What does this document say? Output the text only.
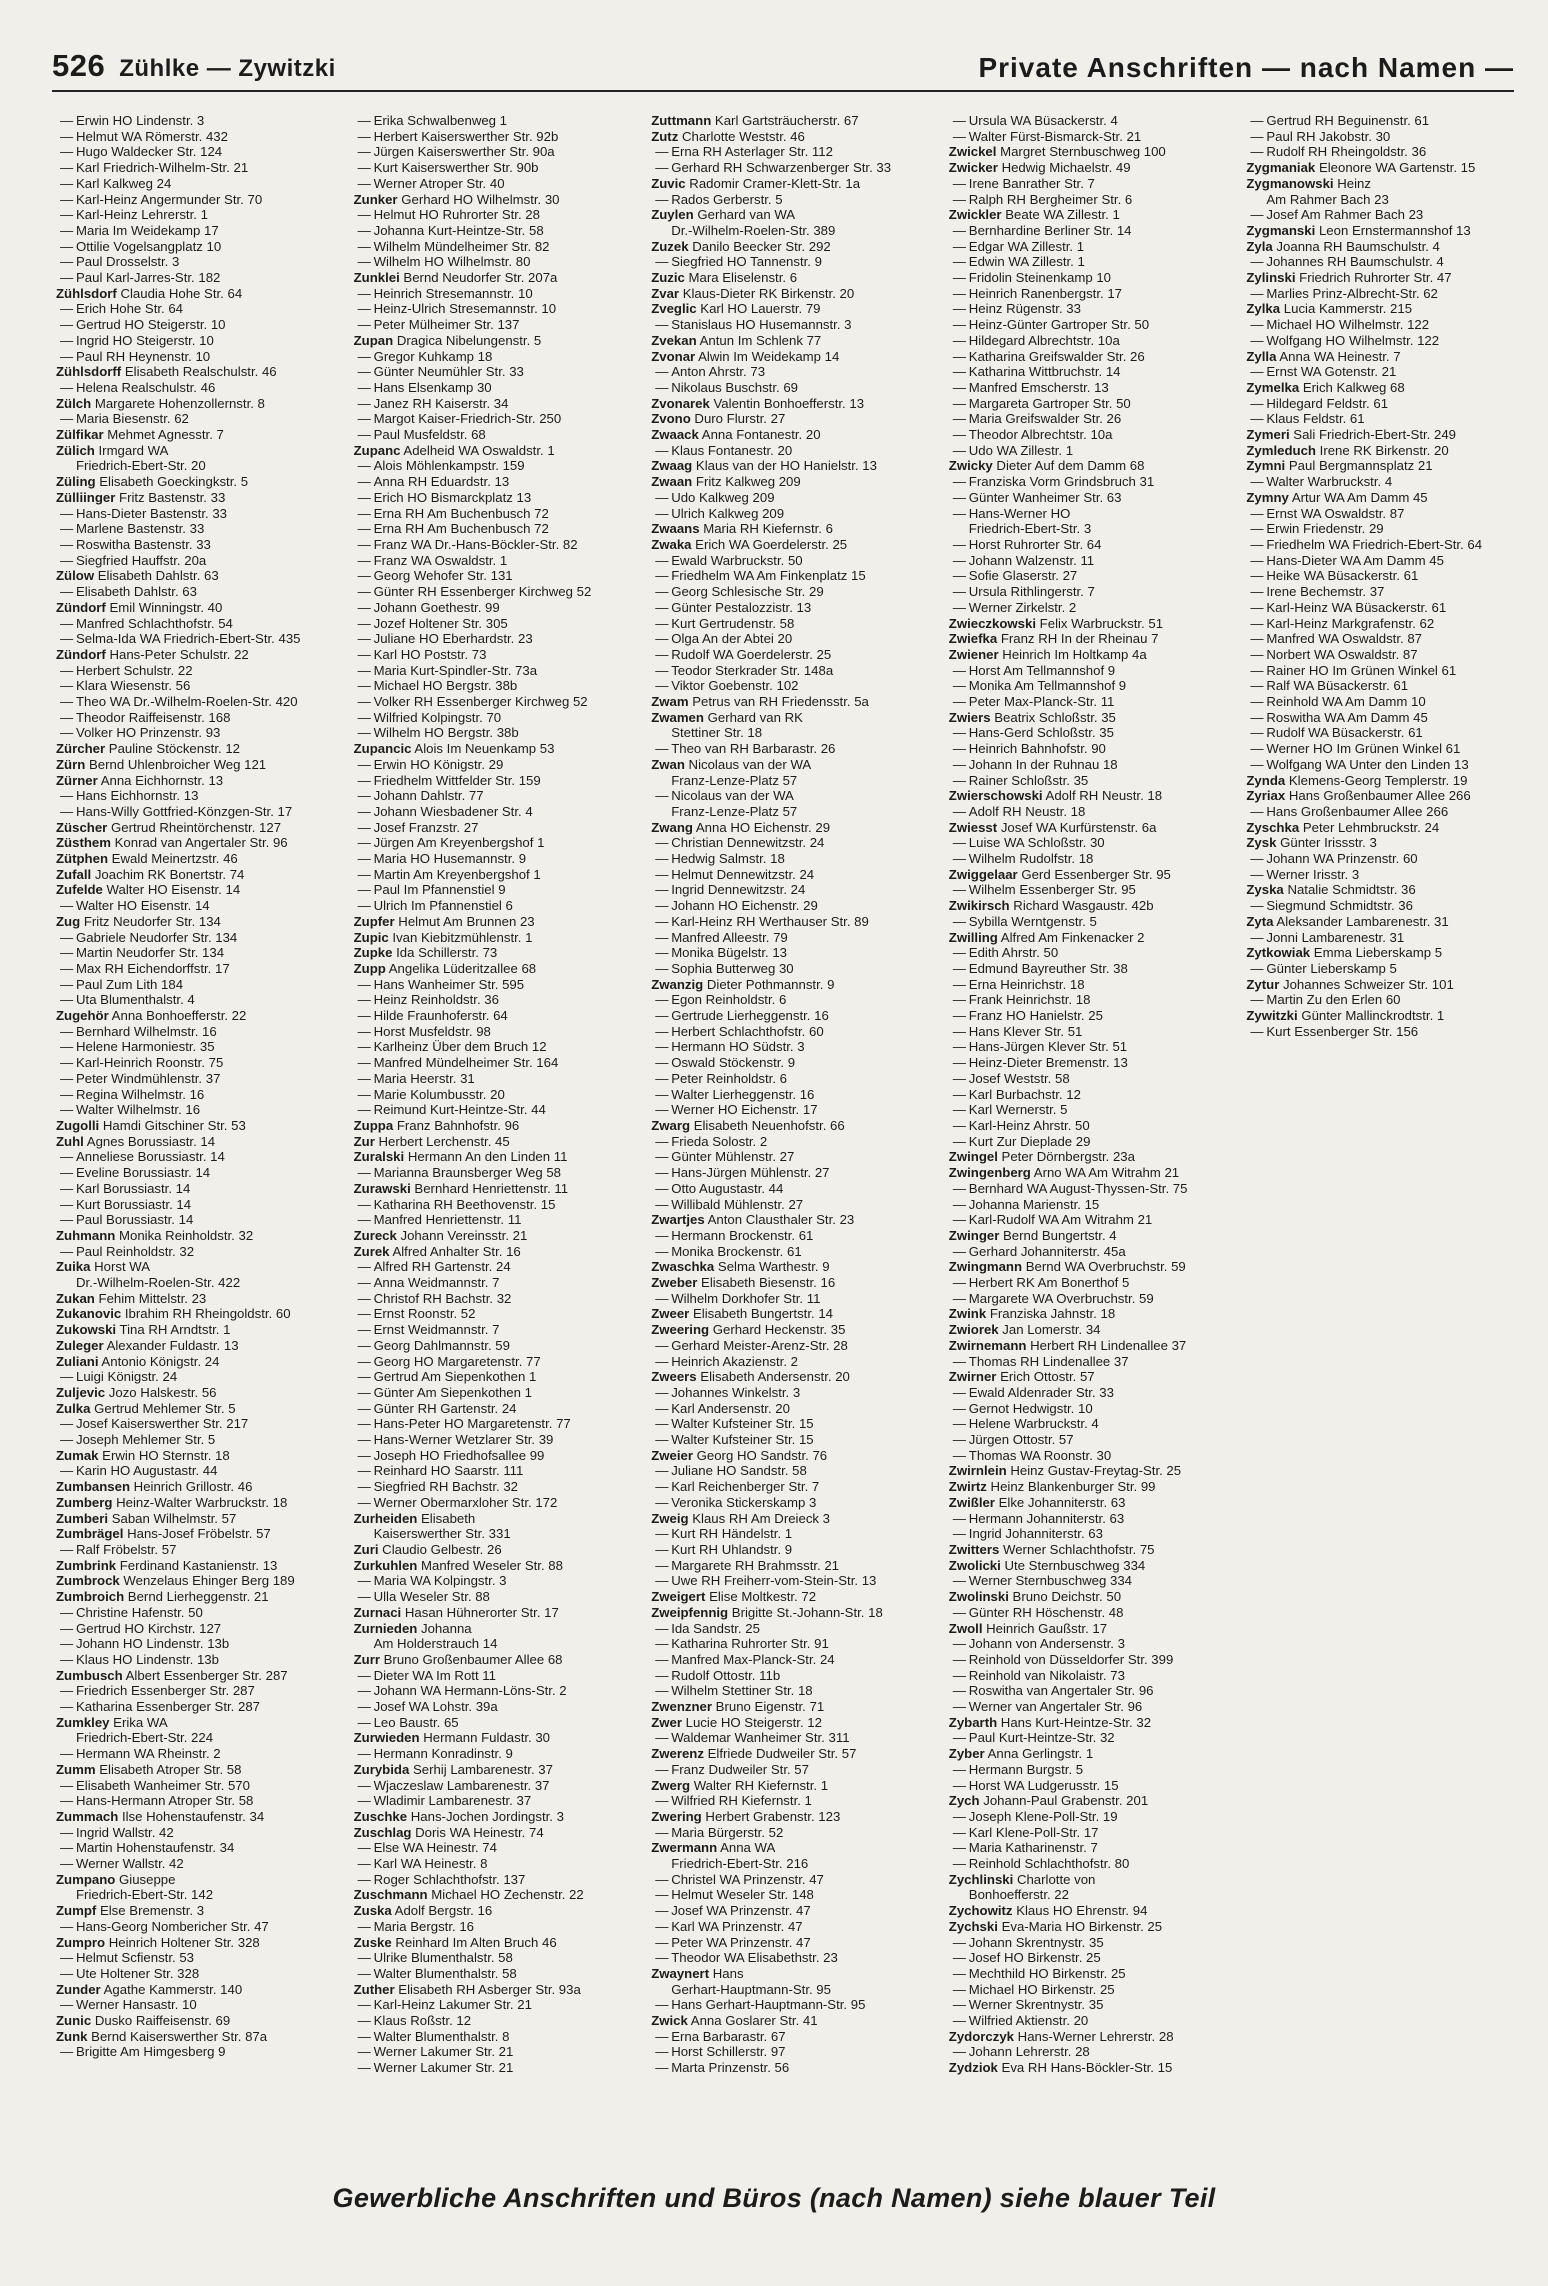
526 Zühlke — Zywitzki	Private Anschriften — nach Namen —
— Erwin HO Lindenstr. 3
— Helmut WA Römerstr. 432
— Hugo Waldecker Str. 124
— Karl Friedrich-Wilhelm-Str. 21
— Karl Kalkweg 24
— Karl-Heinz Angermunder Str. 70
— Karl-Heinz Lehrerstr. 1
— Maria Im Weidekamp 17
— Ottilie Vogelsangplatz 10
— Paul Drosselstr. 3
— Paul Karl-Jarres-Str. 182
Zühlsdorf Claudia Hohe Str. 64
— Erich Hohe Str. 64
— Gertrud HO Steigerstr. 10
— Ingrid HO Steigerstr. 10
— Paul RH Heynenstr. 10
Zühlsdorff Elisabeth Realschulstr. 46
— Helena Realschulstr. 46
Zülch Margarete Hohenzollernstr. 8
— Maria Biesenstr. 62
Zülfikar Mehmet Agnesstr. 7
Zülich Irmgard WA
Friedrich-Ebert-Str. 20
Züling Elisabeth Goeckingkstr. 5
Zülliinger Fritz Bastenstr. 33
— Hans-Dieter Bastenstr. 33
— Marlene Bastenstr. 33
— Roswitha Bastenstr. 33
— Siegfried Hauffstr. 20a
Zülow Elisabeth Dahlstr. 63
— Elisabeth Dahlstr. 63
Zündorf Emil Winningstr. 40
— Manfred Schlachthofstr. 54
— Selma-Ida WA Friedrich-Ebert-Str. 435
Zündorf Hans-Peter Schulstr. 22
— Herbert Schulstr. 22
— Klara Wiesenstr. 56
— Theo WA Dr.-Wilhelm-Roelen-Str. 420
— Theodor Raiffeisenstr. 168
— Volker HO Prinzenstr. 93
Zürcher Pauline Stöckenstr. 12
Zürn Bernd Uhlenbroicher Weg 121
Zürner Anna Eichhornstr. 13
— Hans Eichhornstr. 13
— Hans-Willy Gottfried-Könzgen-Str. 17
Züscher Gertrud Rheintörchenstr. 127
Züsthem Konrad van Angertaler Str. 96
Zütphen Ewald Meinertzstr. 46
Zufall Joachim RK Bonertstr. 74
Zufelde Walter HO Eisenstr. 14
— Walter HO Eisenstr. 14
Zug Fritz Neudorfer Str. 134
— Gabriele Neudorfer Str. 134
— Martin Neudorfer Str. 134
— Max RH Eichendorffstr. 17
— Paul Zum Lith 184
— Uta Blumenthalstr. 4
Zugehör Anna Bonhoefferstr. 22
— Bernhard Wilhelmstr. 16
— Helene Harmoniestr. 35
— Karl-Heinrich Roonstr. 75
— Peter Windmühlenstr. 37
— Regina Wilhelmstr. 16
— Walter Wilhelmstr. 16
Zugolli Hamdi Gitschiner Str. 53
Zuhl Agnes Borussiastr. 14
— Anneliese Borussiastr. 14
— Eveline Borussiastr. 14
— Karl Borussiastr. 14
— Kurt Borussiastr. 14
— Paul Borussiastr. 14
Zuhmann Monika Reinholdstr. 32
— Paul Reinholdstr. 32
Zuika Horst WA
Dr.-Wilhelm-Roelen-Str. 422
Zukan Fehim Mittelstr. 23
Zukanovic Ibrahim RH Rheingoldstr. 60
Zukowski Tina RH Arndtstr. 1
Zuleger Alexander Fuldastr. 13
Zuliani Antonio Königstr. 24
— Luigi Königstr. 24
Zuljevic Jozo Halskestr. 56
Zulka Gertrud Mehlemer Str. 5
— Josef Kaiserswerther Str. 217
— Joseph Mehlemer Str. 5
Zumak Erwin HO Sternstr. 18
— Karin HO Augustastr. 44
Zumbansen Heinrich Grillostr. 46
Zumberg Heinz-Walter Warbruckstr. 18
Zumberi Saban Wilhelmstr. 57
Zumbrägel Hans-Josef Fröbelstr. 57
— Ralf Fröbelstr. 57
Zumbrink Ferdinand Kastanienstr. 13
Zumbrock Wenzelaus Ehinger Berg 189
Zumbroich Bernd Lierheggenstr. 21
— Christine Hafenstr. 50
— Gertrud HO Kirchstr. 127
— Johann HO Lindenstr. 13b
— Klaus HO Lindenstr. 13b
Zumbusch Albert Essenberger Str. 287
— Friedrich Essenberger Str. 287
— Katharina Essenberger Str. 287
Zumkley Erika WA
Friedrich-Ebert-Str. 224
— Hermann WA Rheinstr. 2
Zumm Elisabeth Atroper Str. 58
— Elisabeth Wanheimer Str. 570
— Hans-Hermann Atroper Str. 58
Zummach Ilse Hohenstaufenstr. 34
— Ingrid Wallstr. 42
— Martin Hohenstaufenstr. 34
— Werner Wallstr. 42
Zumpano Giuseppe
Friedrich-Ebert-Str. 142
Zumpf Else Bremenstr. 3
— Hans-Georg Nombericher Str. 47
Zumpro Heinrich Holtener Str. 328
— Helmut Scfienstr. 53
— Ute Holtener Str. 328
Zunder Agathe Kammerstr. 140
— Werner Hansastr. 10
Zunic Dusko Raiffeisenstr. 69
Zunk Bernd Kaiserswerther Str. 87a
— Brigitte Am Himgesberg 9
— Erika Schwalbenweg 1
— Herbert Kaiserswerther Str. 92b
— Jürgen Kaiserswerther Str. 90a
— Kurt Kaiserswerther Str. 90b
— Werner Atroper Str. 40
Zunker Gerhard HO Wilhelmstr. 30
— Helmut HO Ruhrorter Str. 28
— Johanna Kurt-Heintze-Str. 58
— Wilhelm Mündelheimer Str. 82
— Wilhelm HO Wilhelmstr. 80
Zunklei Bernd Neudorfer Str. 207a
— Heinrich Stresemannstr. 10
— Heinz-Ulrich Stresemannstr. 10
— Peter Mülheimer Str. 137
Zupan Dragica Nibelungenstr. 5
— Gregor Kuhkamp 18
— Günter Neumühler Str. 33
— Hans Elsenkamp 30
— Janez RH Kaiserstr. 34
— Margot Kaiser-Friedrich-Str. 250
— Paul Musfeldstr. 68
Zupanc Adelheid WA Oswaldstr. 1
— Alois Möhlenkampstr. 159
— Anna RH Eduardstr. 13
— Erich HO Bismarckplatz 13
— Erna RH Am Buchenbusch 72
— Erna RH Am Buchenbusch 72
— Franz WA Dr.-Hans-Böckler-Str. 82
— Franz WA Oswaldstr. 1
— Georg Wehofer Str. 131
— Günter RH Essenberger Kirchweg 52
— Johann Goethestr. 99
— Jozef Holtener Str. 305
— Juliane HO Eberhardstr. 23
— Karl HO Poststr. 73
— Maria Kurt-Spindler-Str. 73a
— Michael HO Bergstr. 38b
— Volker RH Essenberger Kirchweg 52
— Wilfried Kolpingstr. 70
— Wilhelm HO Bergstr. 38b
Zupancic Alois Im Neuenkamp 53
— Erwin HO Königstr. 29
— Friedhelm Wittfelder Str. 159
— Johann Dahlstr. 77
— Johann Wiesbadener Str. 4
— Josef Franzstr. 27
— Jürgen Am Kreyenbergshof 1
— Maria HO Husemannstr. 9
— Martin Am Kreyenbergshof 1
— Paul Im Pfannenstiel 9
— Ulrich Im Pfannenstiel 6
Zupfer Helmut Am Brunnen 23
Zupic Ivan Kiebitzmühlenstr. 1
Zupke Ida Schillerstr. 73
Zupp Angelika Lüderitzallee 68
— Hans Wanheimer Str. 595
— Heinz Reinholdstr. 36
— Hilde Fraunhoferstr. 64
— Horst Musfeldstr. 98
— Karlheinz Über dem Bruch 12
— Manfred Mündelheimer Str. 164
— Maria Heerstr. 31
— Marie Kolumbusstr. 20
— Reimund Kurt-Heintze-Str. 44
Zuppa Franz Bahnhofstr. 96
Zur Herbert Lerchenstr. 45
Zuralski Hermann An den Linden 11
— Marianna Braunsberger Weg 58
Zurawski Bernhard Henriettenstr. 11
— Katharina RH Beethovenstr. 15
— Manfred Henriettenstr. 11
Zureck Johann Vereinsstr. 21
Zurek Alfred Anhalter Str. 16
— Alfred RH Gartenstr. 24
— Anna Weidmannstr. 7
— Christof RH Bachstr. 32
— Ernst Roonstr. 52
— Ernst Weidmannstr. 7
— Georg Dahlmannstr. 59
— Georg HO Margaretenstr. 77
— Gertrud Am Siepenkothen 1
— Günter Am Siepenkothen 1
— Günter RH Gartenstr. 24
— Hans-Peter HO Margaretenstr. 77
— Hans-Werner Wetzlarer Str. 39
— Joseph HO Friedhofsallee 99
— Reinhard HO Saarstr. 111
— Siegfried RH Bachstr. 32
— Werner Obermarxloher Str. 172
Zurheiden Elisabeth
Kaiserswerther Str. 331
Zuri Claudio Gelbestr. 26
Zurkuhlen Manfred Weseler Str. 88
— Maria WA Kolpingstr. 3
— Ulla Weseler Str. 88
Zurnaci Hasan Hühnerorter Str. 17
Zurnieden Johanna
Am Holderstrauch 14
Zurr Bruno Großenbaumer Allee 68
— Dieter WA Im Rott 11
— Johann WA Hermann-Löns-Str. 2
— Josef WA Lohstr. 39a
— Leo Baustr. 65
Zurwieden Hermann Fuldastr. 30
— Hermann Konradinstr. 9
Zurybida Serhij Lambarenestr. 37
— Wjaczeslaw Lambarenestr. 37
— Wladimir Lambarenestr. 37
Zuschke Hans-Jochen Jordingstr. 3
Zuschlag Doris WA Heinestr. 74
— Else WA Heinestr. 74
— Karl WA Heinestr. 8
— Roger Schlachthofstr. 137
Zuschmann Michael HO Zechenstr. 22
Zuska Adolf Bergstr. 16
— Maria Bergstr. 16
Zuske Reinhard Im Alten Bruch 46
— Ulrike Blumenthalstr. 58
— Walter Blumenthalstr. 58
Zuther Elisabeth RH Asberger Str. 93a
— Karl-Heinz Lakumer Str. 21
— Klaus Roßstr. 12
— Walter Blumenthalstr. 8
— Werner Lakumer Str. 21
— Werner Lakumer Str. 21
Zuttmann Karl Gartsträucherstr. 67
Zutz Charlotte Weststr. 46
— Erna RH Asterlager Str. 112
— Gerhard RH Schwarzenberger Str. 33
Zuvic Radomir Cramer-Klett-Str. 1a
— Rados Gerberstr. 5
Zuylen Gerhard van WA
Dr.-Wilhelm-Roelen-Str. 389
Zuzek Danilo Beecker Str. 292
— Siegfried HO Tannenstr. 9
Zuzic Mara Eliselenstr. 6
Zvar Klaus-Dieter RK Birkenstr. 20
Zveglic Karl HO Lauerstr. 79
— Stanislaus HO Husemannstr. 3
Zvekan Antun Im Schlenk 77
Zvonar Alwin Im Weidekamp 14
— Anton Ahrstr. 73
— Nikolaus Buschstr. 69
Zvonarek Valentin Bonhoefferstr. 13
Zvono Duro Flurstr. 27
Zwaack Anna Fontanestr. 20
— Klaus Fontanestr. 20
Zwaag Klaus van der HO Hanielstr. 13
Zwaan Fritz Kalkweg 209
— Udo Kalkweg 209
— Ulrich Kalkweg 209
Zwaans Maria RH Kiefernstr. 6
Zwaka Erich WA Goerdelerstr. 25
— Ewald Warbruckstr. 50
— Friedhelm WA Am Finkenplatz 15
— Georg Schlesische Str. 29
— Günter Pestalozzistr. 13
— Kurt Gertrudenstr. 58
— Olga An der Abtei 20
— Rudolf WA Goerdelerstr. 25
— Teodor Sterkrader Str. 148a
— Viktor Goebenstr. 102
Zwam Petrus van RH Friedensstr. 5a
Zwamen Gerhard van RK
Stettiner Str. 18
— Theo van RH Barbarastr. 26
Zwan Nicolaus van der WA
Franz-Lenze-Platz 57
— Nicolaus van der WA
Franz-Lenze-Platz 57
Zwang Anna HO Eichenstr. 29
— Christian Dennewitzstr. 24
— Hedwig Salmstr. 18
— Helmut Dennewitzstr. 24
— Ingrid Dennewitzstr. 24
— Johann HO Eichenstr. 29
— Karl-Heinz RH Werthauser Str. 89
— Manfred Alleestr. 79
— Monika Bügelstr. 13
— Sophia Butterweg 30
Zwanzig Dieter Pothmannstr. 9
— Egon Reinholdstr. 6
— Gertrude Lierheggenstr. 16
— Herbert Schlachthofstr. 60
— Hermann HO Südstr. 3
— Oswald Stöckenstr. 9
— Peter Reinholdstr. 6
— Walter Lierheggenstr. 16
— Werner HO Eichenstr. 17
Zwarg Elisabeth Neuenhofstr. 66
— Frieda Solostr. 2
— Günter Mühlenstr. 27
— Hans-Jürgen Mühlenstr. 27
— Otto Augustastr. 44
— Willibald Mühlenstr. 27
Zwartjes Anton Clausthaler Str. 23
— Hermann Brockenstr. 61
— Monika Brockenstr. 61
Zwaschka Selma Warthestr. 9
Zweber Elisabeth Biesenstr. 16
— Wilhelm Dorkhofer Str. 11
Zweer Elisabeth Bungertstr. 14
Zweering Gerhard Heckenstr. 35
— Gerhard Meister-Arenz-Str. 28
— Heinrich Akazienstr. 2
Zweers Elisabeth Andersenstr. 20
— Johannes Winkelstr. 3
— Karl Andersenstr. 20
— Walter Kufsteiner Str. 15
— Walter Kufsteiner Str. 15
Zweier Georg HO Sandstr. 76
— Juliane HO Sandstr. 58
— Karl Reichenberger Str. 7
— Veronika Stickerskamp 3
Zweig Klaus RH Am Dreieck 3
— Kurt RH Händelstr. 1
— Kurt RH Uhlandstr. 9
— Margarete RH Brahmsstr. 21
— Uwe RH Freiherr-vom-Stein-Str. 13
Zweigert Elise Moltkestr. 72
Zweipfennig Brigitte St.-Johann-Str. 18
— Ida Sandstr. 25
— Katharina Ruhrorter Str. 91
— Manfred Max-Planck-Str. 24
— Rudolf Ottostr. 11b
— Wilhelm Stettiner Str. 18
Zwenzner Bruno Eigenstr. 71
Zwer Lucie HO Steigerstr. 12
— Waldemar Wanheimer Str. 311
Zwerenz Elfriede Dudweiler Str. 57
— Franz Dudweiler Str. 57
Zwerg Walter RH Kiefernstr. 1
— Wilfried RH Kiefernstr. 1
Zwering Herbert Grabenstr. 123
— Maria Bürgerstr. 52
Zwermann Anna WA
Friedrich-Ebert-Str. 216
— Christel WA Prinzenstr. 47
— Helmut Weseler Str. 148
— Josef WA Prinzenstr. 47
— Karl WA Prinzenstr. 47
— Peter WA Prinzenstr. 47
— Theodor WA Elisabethstr. 23
Zwaynert Hans
Gerhart-Hauptmann-Str. 95
— Hans Gerhart-Hauptmann-Str. 95
Zwick Anna Goslarer Str. 41
— Erna Barbarastr. 67
— Horst Schillerstr. 97
— Marta Prinzenstr. 56
— Ursula WA Büsackerstr. 4
— Walter Fürst-Bismarck-Str. 21
Zwickel Margret Sternbuschweg 100
Zwicker Hedwig Michaelstr. 49
— Irene Banrather Str. 7
— Ralph RH Bergheimer Str. 6
Zwickler Beate WA Zillestr. 1
— Bernhardine Berliner Str. 14
— Edgar WA Zillestr. 1
— Edwin WA Zillestr. 1
— Fridolin Steinenkamp 10
— Heinrich Ranenbergstr. 17
— Heinz Rügenstr. 33
— Heinz-Günter Gartroper Str. 50
— Hildegard Albrechtstr. 10a
— Katharina Greifswalder Str. 26
— Katharina Wittbruchstr. 14
— Manfred Emscherstr. 13
— Margareta Gartroper Str. 50
— Maria Greifswalder Str. 26
— Theodor Albrechtstr. 10a
— Udo WA Zillestr. 1
Zwicky Dieter Auf dem Damm 68
— Franziska Vorm Grindsbruch 31
— Günter Wanheimer Str. 63
— Hans-Werner HO
Friedrich-Ebert-Str. 3
— Horst Ruhrorter Str. 64
— Johann Walzenstr. 11
— Sofie Glaserstr. 27
— Ursula Rithlingerstr. 7
— Werner Zirkelstr. 2
Zwieczkowski Felix Warbruckstr. 51
Zwiefka Franz RH In der Rheinau 7
Zwiener Heinrich Im Holtkamp 4a
— Horst Am Tellmannshof 9
— Monika Am Tellmannshof 9
— Peter Max-Planck-Str. 11
Zwiers Beatrix Schloßstr. 35
— Hans-Gerd Schloßstr. 35
— Heinrich Bahnhofstr. 90
— Johann In der Ruhnau 18
— Rainer Schloßstr. 35
Zwierschowski Adolf RH Neustr. 18
— Adolf RH Neustr. 18
Zwiesst Josef WA Kurfürstenstr. 6a
— Luise WA Schloßstr. 30
— Wilhelm Rudolfstr. 18
Zwiggelaar Gerd Essenberger Str. 95
— Wilhelm Essenberger Str. 95
Zwikirsch Richard Wasgaustr. 42b
— Sybilla Werntgenstr. 5
Zwilling Alfred Am Finkenacker 2
— Edith Ahrstr. 50
— Edmund Bayreuther Str. 38
— Erna Heinrichstr. 18
— Frank Heinrichstr. 18
— Franz HO Hanielstr. 25
— Hans Klever Str. 51
— Hans-Jürgen Klever Str. 51
— Heinz-Dieter Bremenstr. 13
— Josef Weststr. 58
— Karl Burbachstr. 12
— Karl Wernerstr. 5
— Karl-Heinz Ahrstr. 50
— Kurt Zur Dieplade 29
Zwingel Peter Dörnbergstr. 23a
Zwingenberg Arno WA Am Witrahm 21
— Bernhard WA August-Thyssen-Str. 75
— Johanna Marienstr. 15
— Karl-Rudolf WA Am Witrahm 21
Zwinger Bernd Bungertstr. 4
— Gerhard Johanniterstr. 45a
Zwingmann Bernd WA Overbruchstr. 59
— Herbert RK Am Bonerthof 5
— Margarete WA Overbruchstr. 59
Zwink Franziska Jahnstr. 18
Zwiorek Jan Lomerstr. 34
Zwirnemann Herbert RH Lindenallee 37
— Thomas RH Lindenallee 37
Zwirner Erich Ottostr. 57
— Ewald Aldenrader Str. 33
— Gernot Hedwigstr. 10
— Helene Warbruckstr. 4
— Jürgen Ottostr. 57
— Thomas WA Roonstr. 30
Zwirnlein Heinz Gustav-Freytag-Str. 25
Zwirtz Heinz Blankenburger Str. 99
Zwißler Elke Johanniterstr. 63
— Hermann Johanniterstr. 63
— Ingrid Johanniterstr. 63
Zwitters Werner Schlachthofstr. 75
Zwolicki Ute Sternbuschweg 334
— Werner Sternbuschweg 334
Zwolinski Bruno Deichstr. 50
— Günter RH Höschenstr. 48
Zwoll Heinrich Gaußstr. 17
— Johann von Andersenstr. 3
— Reinhold von Düsseldorfer Str. 399
— Reinhold van Nikolaistr. 73
— Roswitha van Angertaler Str. 96
— Werner van Angertaler Str. 96
Zybarth Hans Kurt-Heintze-Str. 32
— Paul Kurt-Heintze-Str. 32
Zyber Anna Gerlingstr. 1
— Hermann Burgstr. 5
— Horst WA Ludgerusstr. 15
Zych Johann-Paul Grabenstr. 201
— Joseph Klene-Poll-Str. 19
— Karl Klene-Poll-Str. 17
— Maria Katharinenstr. 7
— Reinhold Schlachthofstr. 80
Zychlinski Charlotte von
Bonhoefferstr. 22
Zychowitz Klaus HO Ehrenstr. 94
Zychski Eva-Maria HO Birkenstr. 25
— Johann Skrentnystr. 35
— Josef HO Birkenstr. 25
— Mechthild HO Birkenstr. 25
— Michael HO Birkenstr. 25
— Werner Skrentnystr. 35
— Wilfried Aktienstr. 20
Zydorczyk Hans-Werner Lehrerstr. 28
— Johann Lehrerstr. 28
Zydziok Eva RH Hans-Böckler-Str. 15
— Gertrud RH Beguinenstr. 61
— Paul RH Jakobstr. 30
— Rudolf RH Rheingoldstr. 36
Zygmaniak Eleonore WA Gartenstr. 15
Zygmanowski Heinz
Am Rahmer Bach 23
— Josef Am Rahmer Bach 23
Zygmanski Leon Ernstermannshof 13
Zyla Joanna RH Baumschulstr. 4
— Johannes RH Baumschulstr. 4
Zylinski Friedrich Ruhrorter Str. 47
— Marlies Prinz-Albrecht-Str. 62
Zylka Lucia Kammerstr. 215
— Michael HO Wilhelmstr. 122
— Wolfgang HO Wilhelmstr. 122
Zylla Anna WA Heinestr. 7
— Ernst WA Gotenstr. 21
Zymelka Erich Kalkweg 68
— Hildegard Feldstr. 61
— Klaus Feldstr. 61
Zymeri Sali Friedrich-Ebert-Str. 249
Zymleduch Irene RK Birkenstr. 20
Zymni Paul Bergmannsplatz 21
— Walter Warbruckstr. 4
Zymny Artur WA Am Damm 45
— Ernst WA Oswaldstr. 87
— Erwin Friedenstr. 29
— Friedhelm WA Friedrich-Ebert-Str. 64
— Hans-Dieter WA Am Damm 45
— Heike WA Büsackerstr. 61
— Irene Bechemstr. 37
— Karl-Heinz WA Büsackerstr. 61
— Karl-Heinz Markgrafenstr. 62
— Manfred WA Oswaldstr. 87
— Norbert WA Oswaldstr. 87
— Rainer HO Im Grünen Winkel 61
— Ralf WA Büsackerstr. 61
— Reinhold WA Am Damm 10
— Roswitha WA Am Damm 45
— Rudolf WA Büsackerstr. 61
— Werner HO Im Grünen Winkel 61
— Wolfgang WA Unter den Linden 13
Zynda Klemens-Georg Templerstr. 19
Zyriax Hans Großenbaumer Allee 266
— Hans Großenbaumer Allee 266
Zyschka Peter Lehmbruckstr. 24
Zysk Günter Irissstr. 3
— Johann WA Prinzenstr. 60
— Werner Irisstr. 3
Zyska Natalie Schmidtstr. 36
— Siegmund Schmidtstr. 36
Zyta Aleksander Lambarenestr. 31
— Jonni Lambarenestr. 31
Zytkowiak Emma Lieberskamp 5
— Günter Lieberskamp 5
Zytur Johannes Schweizer Str. 101
— Martin Zu den Erlen 60
Zywitzki Günter Mallinckrodtstr. 1
— Kurt Essenberger Str. 156
Gewerbliche Anschriften und Büros (nach Namen) siehe blauer Teil
